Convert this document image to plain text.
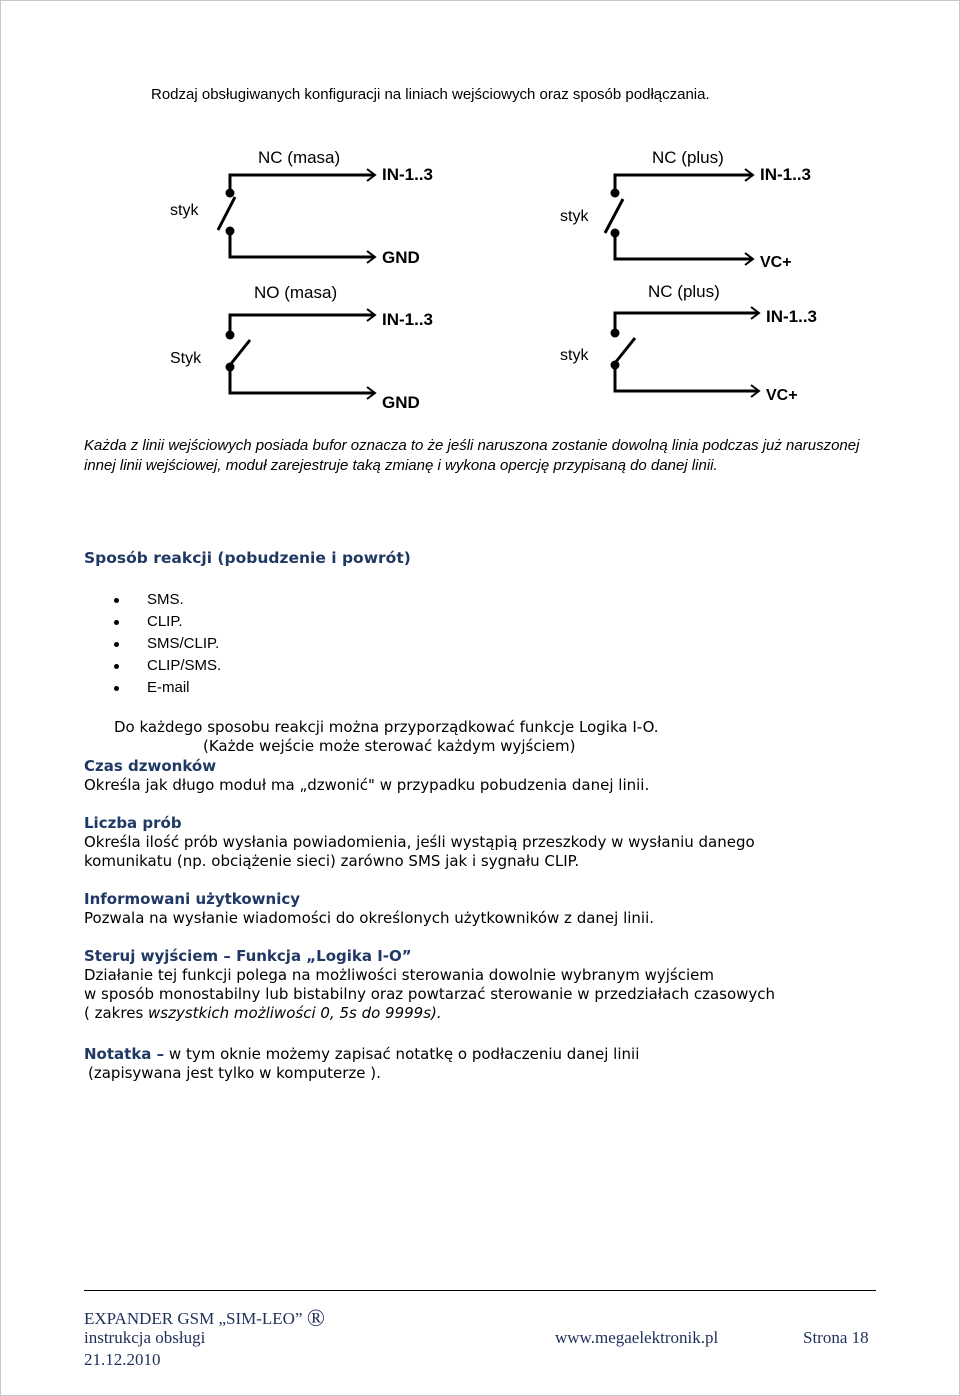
Rodzaj obsługiwanych konfiguracji na liniach wejściowych oraz sposób podłączania.
NC (masa)
styk
IN-1..3
GND
NO (masa)
Styk
IN-1..3
GND
NC (plus)
styk
IN-1..3
VC+
NC (plus)
styk
IN-1..3
VC+
Każda z linii wejściowych posiada bufor oznacza to że jeśli naruszona zostanie dowolną linia podczas już naruszonej innej linii wejściowej, moduł zarejestruje taką zmianę i wykona opercję przypisaną do danej linii.
Sposób reakcji (pobudzenie i powrót)
SMS.
CLIP.
SMS/CLIP.
CLIP/SMS.
E-mail
Do każdego sposobu reakcji można przyporządkować funkcje Logika I-O.
(Każde wejście może sterować każdym wyjściem)
Czas dzwonków
Określa jak długo moduł ma „dzwonić" w przypadku pobudzenia danej linii.
Liczba prób
Określa ilość prób wysłania powiadomienia, jeśli wystąpią przeszkody w wysłaniu danego
komunikatu (np. obciążenie sieci) zarówno SMS jak i sygnału CLIP.
Informowani użytkownicy
Pozwala na wysłanie wiadomości do określonych użytkowników z danej linii.
Steruj wyjściem – Funkcja „Logika I-O”
Działanie tej funkcji polega na możliwości sterowania dowolnie wybranym wyjściem
w sposób monostabilny lub bistabilny oraz powtarzać sterowanie w przedziałach czasowych
( zakres wszystkich możliwości 0, 5s do 9999s).
Notatka – w tym oknie możemy zapisać notatkę o podłaczeniu danej linii
(zapisywana jest tylko w komputerze ).
EXPANDER GSM „SIM-LEO” ®
instrukcja obsługi
21.12.2010
www.megaelektronik.pl	Strona 18
